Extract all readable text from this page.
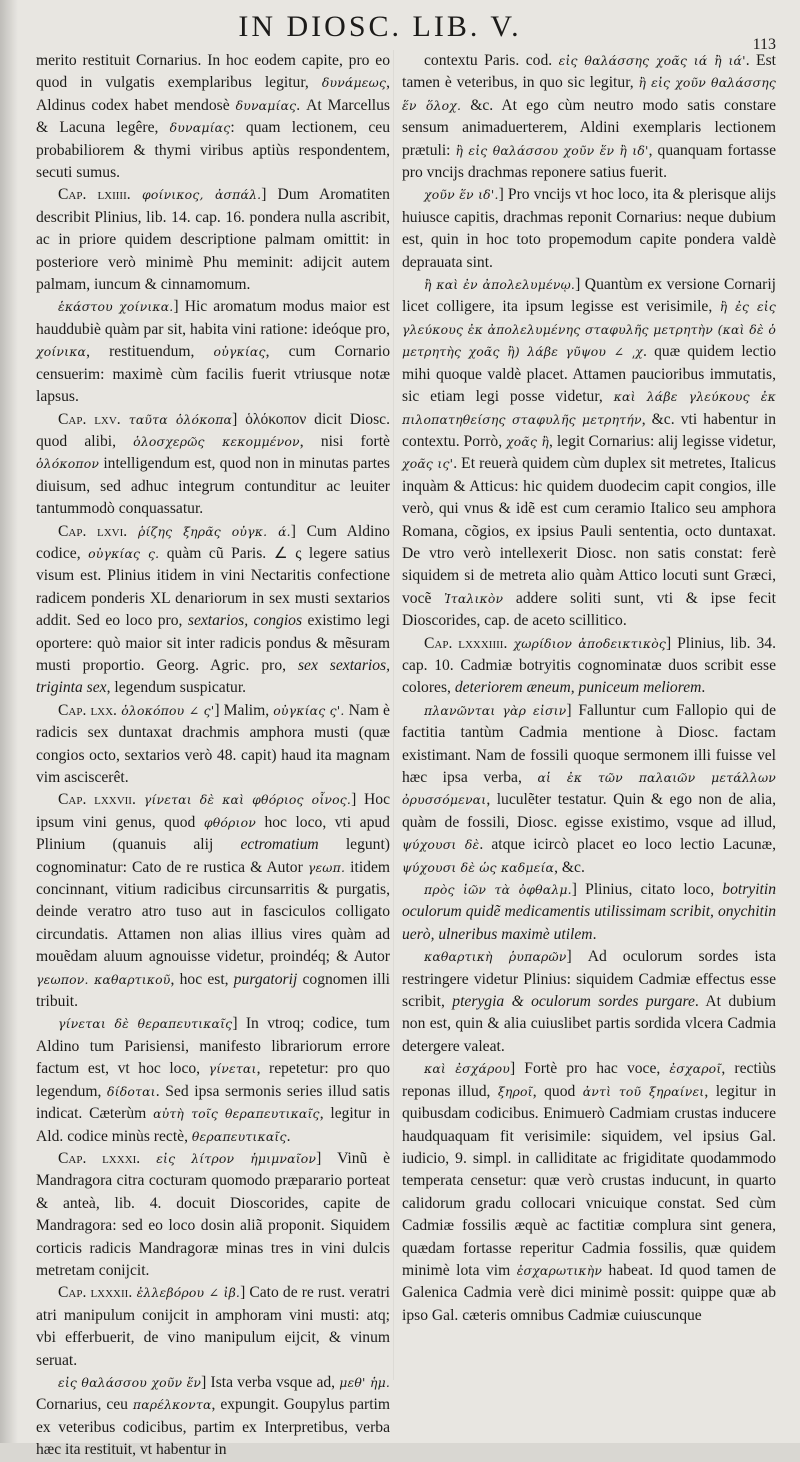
IN DIOSC. LIB. V.
113

merito restituit Cornarius. In hoc eodem capite, pro eo quod in vulgatis exemplaribus legitur, δυνάμεως, Aldinus codex habet mendosè δυναμίας. At Marcellus & Lacuna legêre, δυναμίας: quam lectionem, ceu probabiliorem & thymi viribus aptiùs respondentem, secuti sumus.

Cap. lxiiii. φοίνικος, ἀσπάλ.] Dum Aromatiten describit Plinius, lib. 14. cap. 16. pondera nulla ascribit, ac in priore quidem descriptione palmam omittit: in posteriore verò minimè Phu meminit: adijcit autem palmam, iuncum & cinnamomum.

ἑκάστου χοίνικα.] Hic aromatum modus maior est hauddubiè quàm par sit, habita vini ratione: ideóque pro, χοίνικα, restituendum, οὐγκίας, cum Cornario censuerim: maximè cùm facilis fuerit vtriusque notæ lapsus.

Cap. lxv. ταῦτα ὁλόκοπα] ὁλόκοπον dicit Diosc. quod alibi, ὁλοσχερῶς κεκομμένον, nisi fortè ὁλόκοπον intelligendum est, quod non in minutas partes diuisum, sed adhuc integrum contunditur ac leuiter tantummodò conquassatur.

Cap. lxvi. ῥίζης ξηρᾶς οὐγκ. ά.] Cum Aldino codice, οὐγκίας ς. quàm cũ Paris. ∠ ς legere satius visum est. Plinius itidem in vini Nectaritis confectione radicem ponderis XL denariorum in sex musti sextarios addit. Sed eo loco pro, sextarios, congios existimo legi oportere: quò maior sit inter radicis pondus & mẽsuram musti proportio. Georg. Agric. pro, sex sextarios, triginta sex, legendum suspicatur.

Cap. lxx. ὁλοκόπου ∠ ς'] Malim, οὐγκίας ς'. Nam è radicis sex duntaxat drachmis amphora musti (quæ congios octo, sextarios verò 48. capit) haud ita magnam vim asciscerêt.

Cap. lxxvii. γίνεται δὲ καὶ φθόριος οἶνος.] Hoc ipsum vini genus, quod φθόριον hoc loco, vti apud Plinium (quanuis alij ectromatium legunt) cognominatur: Cato de re rustica & Autor γεωπ. itidem concinnant, vitium radicibus circunsarritis & purgatis, deinde veratro atro tuso aut in fasciculos colligato circundatis. Attamen non alias illius vires quàm ad mouẽdam aluum agnouisse videtur, proindéq; & Autor γεωπον. καθαρτικοῦ, hoc est, purgatorij cognomen illi tribuit.

γίνεται δὲ θεραπευτικαῖς] In vtroq; codice, tum Aldino tum Parisiensi, manifesto librariorum errore factum est, vt hoc loco, γίνεται, repetetur: pro quo legendum, δίδοται. Sed ipsa sermonis series illud satis indicat. Cæterùm αὐτὴ τοῖς θεραπευτικαῖς, legitur in Ald. codice minùs rectè, θεραπευτικαῖς.

Cap. lxxxi. εἰς λίτρον ἡμιμναῖον] Vinũ è Mandragora citra cocturam quomodo præparario porteat & anteà, lib. 4. docuit Dioscorides, capite de Mandragora: sed eo loco dosin aliã proponit. Siquidem corticis radicis Mandragoræ minas tres in vini dulcis metretam conijcit.

Cap. lxxxii. ἐλλεβόρου ∠ ἰβ.] Cato de re rust. veratri atri manipulum conijcit in amphoram vini musti: atq; vbi efferbuerit, de vino manipulum eijcit, & vinum seruat.

εἰς θαλάσσου χοῦν ἕν] Ista verba vsque ad, μεθ' ἡμ. Cornarius, ceu παρέλκοντα, expungit. Goupylus partim ex veteribus codicibus, partim ex Interpretibus, verba hæc ita restituit, vt habentur in

contextu Paris. cod. εἰς θαλάσσης χοᾶς ιά ἢ ιά'. Est tamen è veteribus, in quo sic legitur, ἢ εἰς χοῦν θαλάσσης ἕν ὅλοχ. &c. At ego cùm neutro modo satis constare sensum animaduerterem, Aldini exemplaris lectionem prætuli: ἢ εἰς θαλάσσου χοῦν ἕν ἢ ιδ', quanquam fortasse pro vncijs drachmas reponere satius fuerit.

χοῦν ἕν ιδ'.] Pro vncijs vt hoc loco, ita & plerisque alijs huiusce capitis, drachmas reponit Cornarius: neque dubium est, quin in hoc toto propemodum capite pondera valdè deprauata sint.

ἢ καὶ ἐν ἀπολελυμένῳ.] Quantùm ex versione Cornarij licet colligere, ita ipsum legisse est verisimile, ἢ ἐς εἰς γλεύκους ἐκ ἀπολελυμένης σταφυλῆς μετρητὴν (καὶ δὲ ὁ μετρητὴς χοᾶς ἢ) λάβε γῦψου ∠ ͵χ. quæ quidem lectio mihi quoque valdè placet. Attamen paucioribus immutatis, sic etiam legi posse videtur, καὶ λάβε γλεύκους ἐκ πιλοπατηθείσης σταφυλῆς μετρητήν, &c. vti habentur in contextu. Porrò, χοᾶς ἢ, legit Cornarius: alij legisse videtur, χοᾶς ις'. Et reuerà quidem cùm duplex sit metretes, Italicus inquàm & Atticus: hic quidem duodecim capit congios, ille verò, qui vnus & idẽ est cum ceramio Italico seu amphora Romana, cõgios, ex ipsius Pauli sententia, octo duntaxat. De vtro verò intellexerit Diosc. non satis constat: ferè siquidem si de metreta alio quàm Attico locuti sunt Græci, vocẽ Ἰταλικὸν addere soliti sunt, vti & ipse fecit Dioscorides, cap. de aceto scillitico.

Cap. lxxxiiii. χωρίδιον ἀποδεικτικὸς] Plinius, lib. 34. cap. 10. Cadmiæ botryitis cognominatæ duos scribit esse colores, deteriorem æneum, puniceum meliorem.

πλανῶνται γὰρ εἰσιν] Falluntur cum Fallopio qui de factitia tantùm Cadmia mentione à Diosc. factam existimant. Nam de fossili quoque sermonem illi fuisse vel hæc ipsa verba, αἱ ἐκ τῶν παλαιῶν μετάλλων ὀρυσσόμεναι, luculẽter testatur. Quin & ego non de alia, quàm de fossili, Diosc. egisse existimo, vsque ad illud, ψύχουσι δὲ. atque icircò placet eo loco lectio Lacunæ, ψύχουσι δὲ ὡς καδμεία, &c.

πρὸς ἰῶν τὰ ὀφθαλμ.] Plinius, citato loco, botryitin oculorum quidẽ medicamentis utilissimam scribit, onychitin uerò, ulneribus maximè utilem.

καθαρτικὴ ῥυπαρῶν] Ad oculorum sordes ista restringere videtur Plinius: siquidem Cadmiæ effectus esse scribit, pterygia & oculorum sordes purgare. At dubium non est, quin & alia cuiuslibet partis sordida vlcera Cadmia detergere valeat.

καὶ ἐσχάρου] Fortè pro hac voce, ἐσχαροῖ, rectiùs reponas illud, ξηροῖ, quod ἀντὶ τοῦ ξηραίνει, legitur in quibusdam codicibus. Enimuerò Cadmiam crustas inducere haudquaquam fit verisimile: siquidem, vel ipsius Gal. iudicio, 9. simpl. in calliditate ac frigiditate quodammodo temperata censetur: quæ verò crustas inducunt, in quarto calidorum gradu collocari vnicuique constat. Sed cùm Cadmiæ fossilis æquè ac factitiæ complura sint genera, quædam fortasse reperitur Cadmia fossilis, quæ quidem minimè lota vim ἐσχαρωτικὴν habeat. Id quod tamen de Galenica Cadmia verè dici minimè possit: quippe quæ ab ipso Gal. cæteris omnibus Cadmiæ cuiuscunque
